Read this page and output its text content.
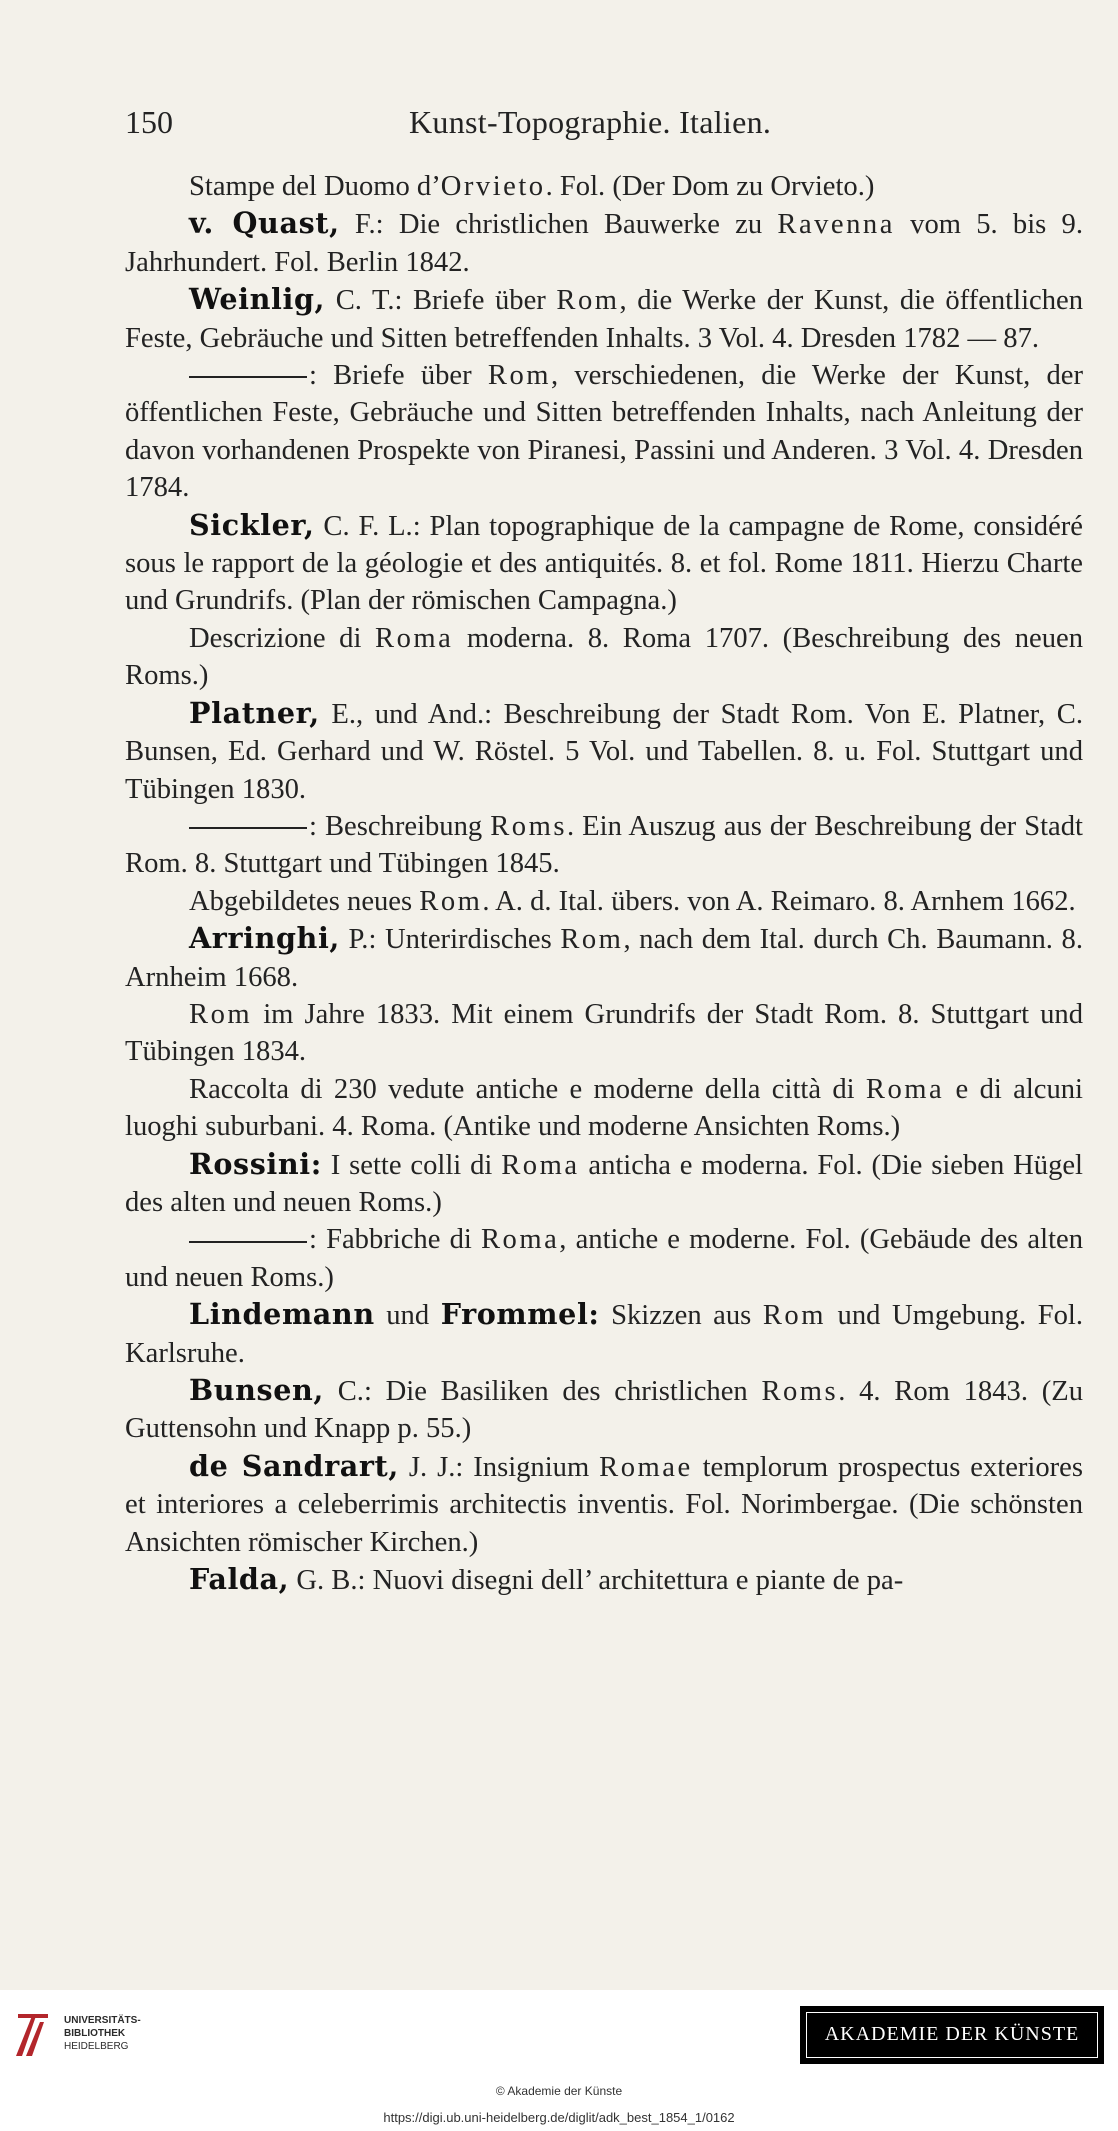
150	Kunst-Topographie. Italien.

Stampe del Duomo d’Orvieto. Fol. (Der Dom zu Orvieto.)

v. Quast, F.: Die christlichen Bauwerke zu Ravenna vom 5. bis 9. Jahrhundert. Fol. Berlin 1842.

Weinlig, C. T.: Briefe über Rom, die Werke der Kunst, die öffentlichen Feste, Gebräuche und Sitten betreffenden Inhalts. 3 Vol. 4. Dresden 1782 — 87.

: Briefe über Rom, verschiedenen, die Werke der Kunst, der öffentlichen Feste, Gebräuche und Sitten betreffenden Inhalts, nach Anleitung der davon vorhandenen Prospekte von Piranesi, Passini und Anderen. 3 Vol. 4. Dresden 1784.

Sickler, C. F. L.: Plan topographique de la campagne de Rome, considéré sous le rapport de la géologie et des antiquités. 8. et fol. Rome 1811. Hierzu Charte und Grundrifs. (Plan der römischen Campagna.)

Descrizione di Roma moderna. 8. Roma 1707. (Beschreibung des neuen Roms.)

Platner, E., und And.: Beschreibung der Stadt Rom. Von E. Platner, C. Bunsen, Ed. Gerhard und W. Röstel. 5 Vol. und Tabellen. 8. u. Fol. Stuttgart und Tübingen 1830.

: Beschreibung Roms. Ein Auszug aus der Beschreibung der Stadt Rom. 8. Stuttgart und Tübingen 1845.

Abgebildetes neues Rom. A. d. Ital. übers. von A. Reimaro. 8. Arnhem 1662.

Arringhi, P.: Unterirdisches Rom, nach dem Ital. durch Ch. Baumann. 8. Arnheim 1668.

Rom im Jahre 1833. Mit einem Grundrifs der Stadt Rom. 8. Stuttgart und Tübingen 1834.

Raccolta di 230 vedute antiche e moderne della città di Roma e di alcuni luoghi suburbani. 4. Roma. (Antike und moderne Ansichten Roms.)

Rossini: I sette colli di Roma anticha e moderna. Fol. (Die sieben Hügel des alten und neuen Roms.)

: Fabbriche di Roma, antiche e moderne. Fol. (Gebäude des alten und neuen Roms.)

Lindemann und Frommel: Skizzen aus Rom und Umgebung. Fol. Karlsruhe.

Bunsen, C.: Die Basiliken des christlichen Roms. 4. Rom 1843. (Zu Guttensohn und Knapp p. 55.)

de Sandrart, J. J.: Insignium Romae templorum prospectus exteriores et interiores a celeberrimis architectis inventis. Fol. Norimbergae. (Die schönsten Ansichten römischer Kirchen.)

Falda, G. B.: Nuovi disegni dell’ architettura e piante de pa-

UNIVERSITÄTS-
BIBLIOTHEK
HEIDELBERG
AKADEMIE DER KÜNSTE
© Akademie der Künste
https://digi.ub.uni-heidelberg.de/diglit/adk_best_1854_1/0162
